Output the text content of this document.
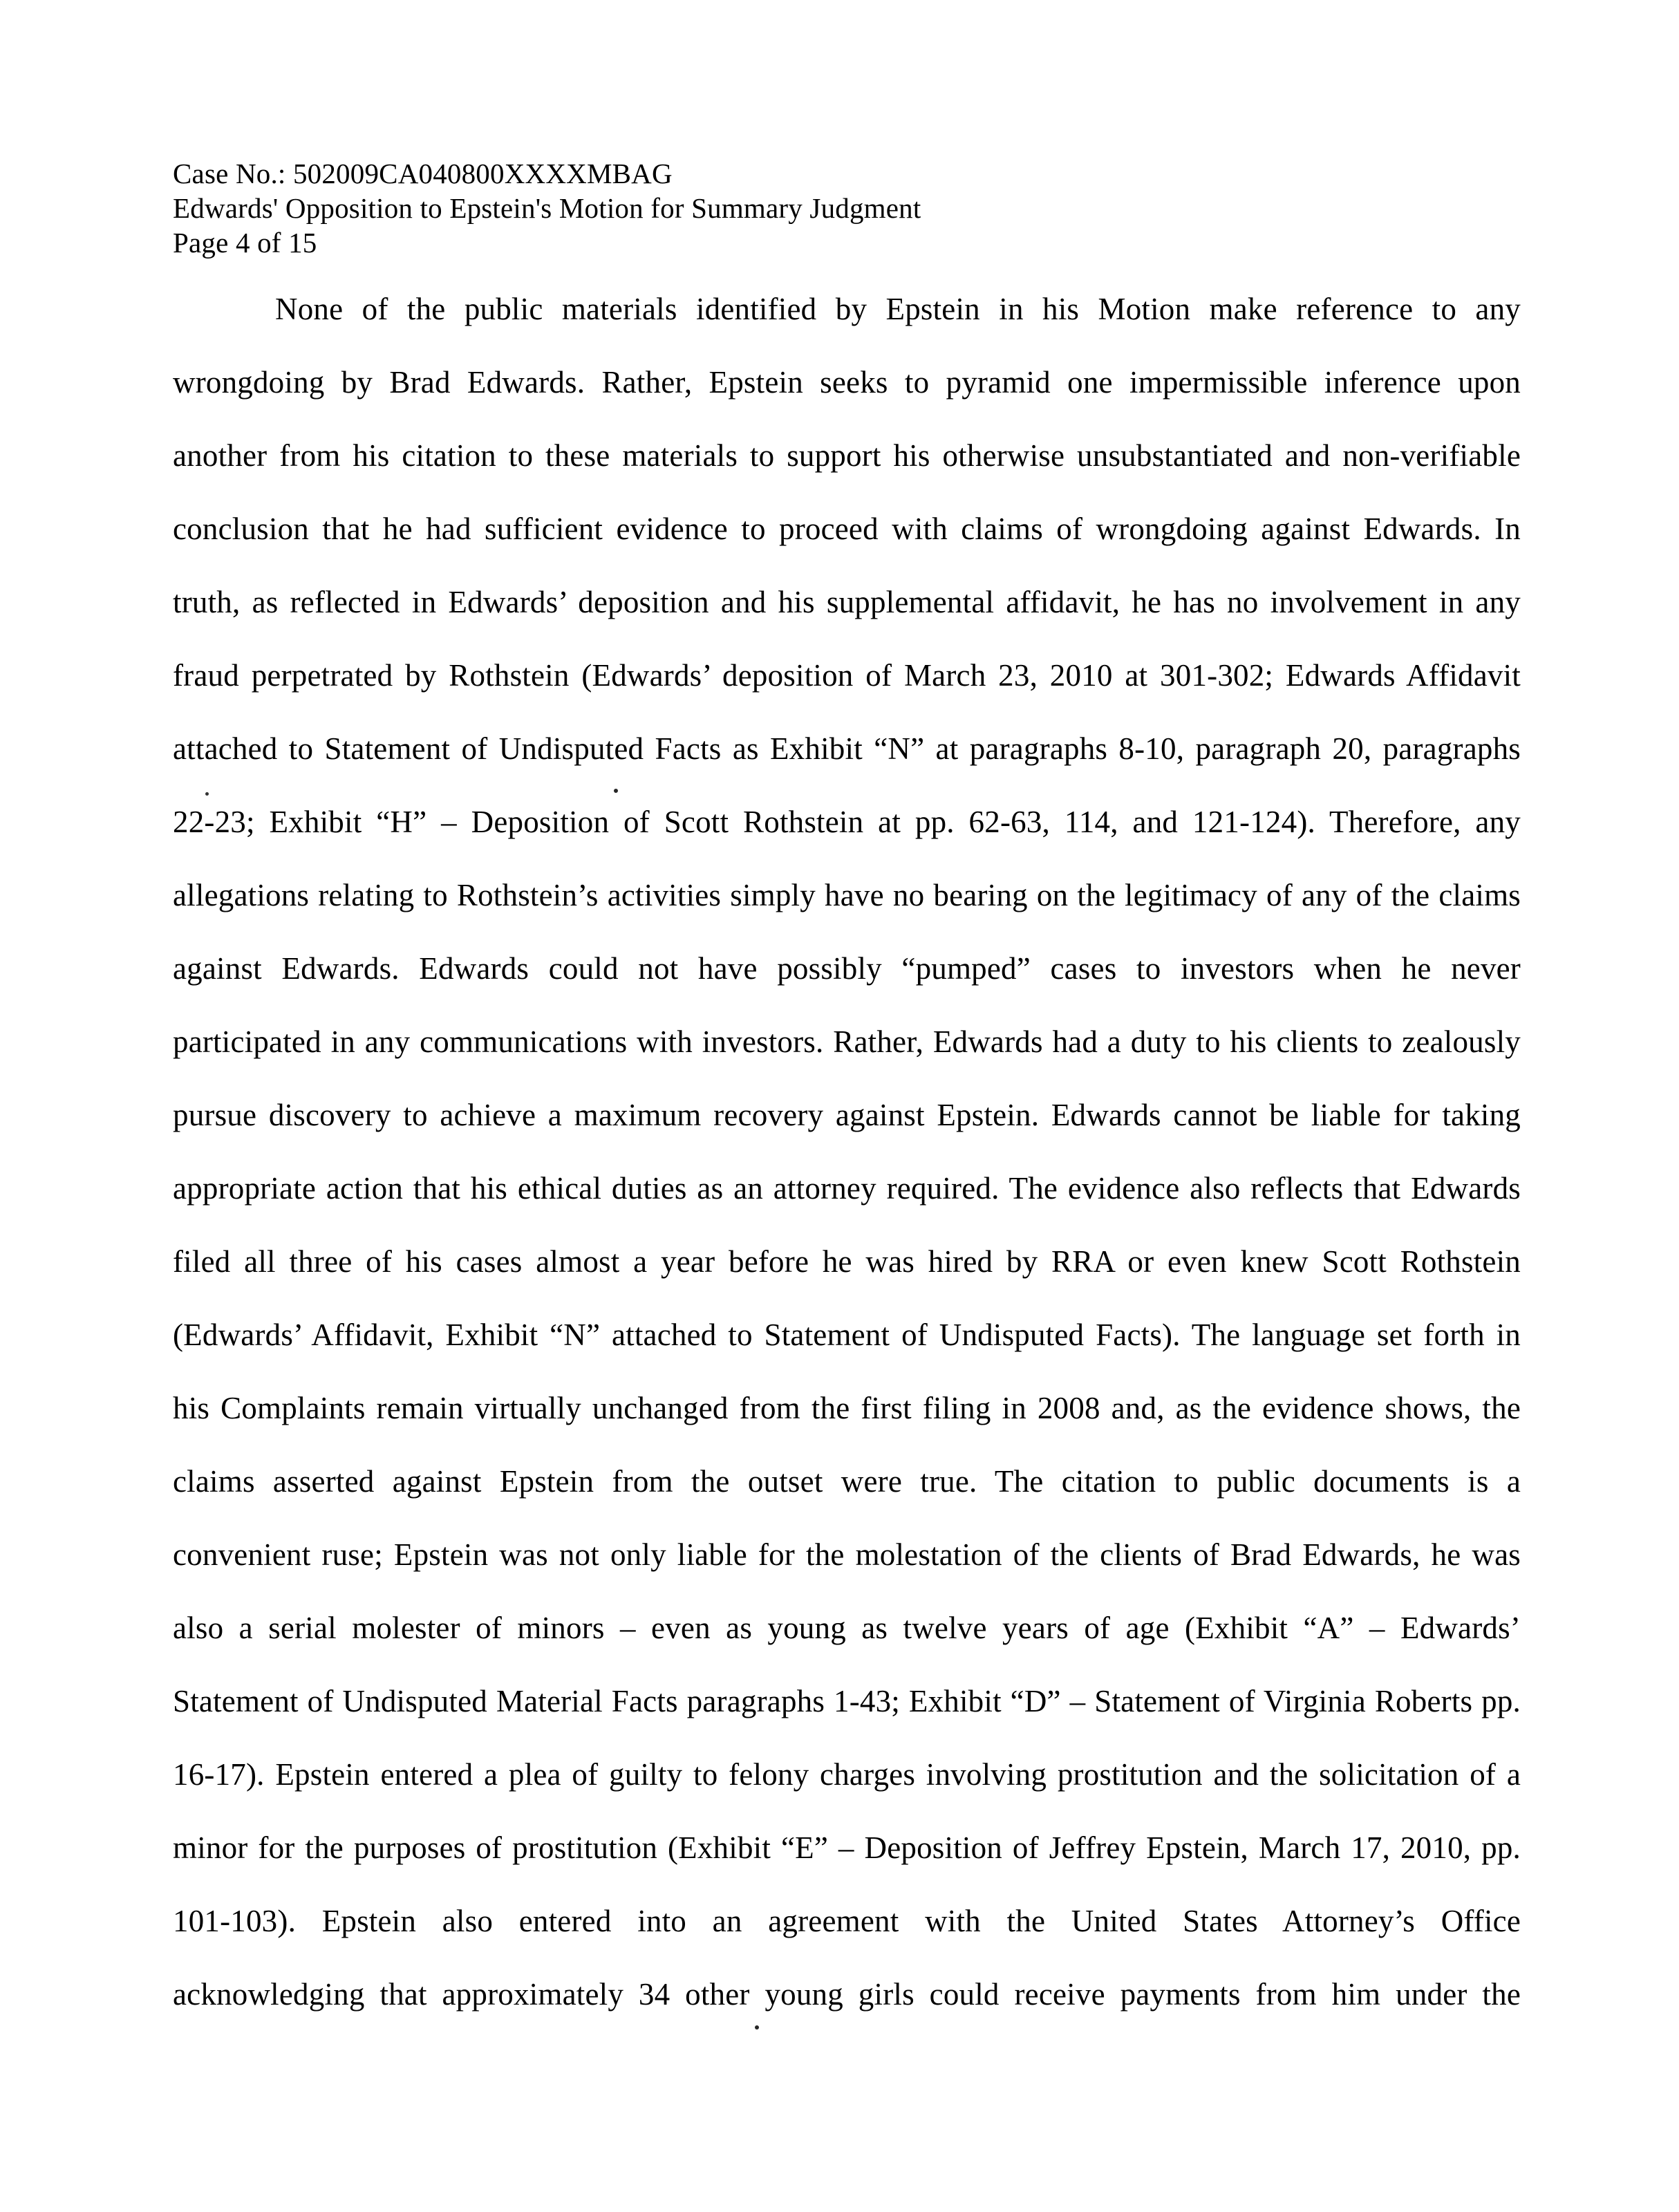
Case No.: 502009CA040800XXXXMBAG
Edwards' Opposition to Epstein's Motion for Summary Judgment
Page 4 of 15
None of the public materials identified by Epstein in his Motion make reference to any
wrongdoing by Brad Edwards. Rather, Epstein seeks to pyramid one impermissible inference upon
another from his citation to these materials to support his otherwise unsubstantiated and non-verifiable
conclusion that he had sufficient evidence to proceed with claims of wrongdoing against Edwards. In
truth, as reflected in Edwards’ deposition and his supplemental affidavit, he has no involvement in any
fraud perpetrated by Rothstein (Edwards’ deposition of March 23, 2010 at 301-302; Edwards Affidavit
attached to Statement of Undisputed Facts as Exhibit “N” at paragraphs 8-10, paragraph 20, paragraphs
22-23; Exhibit “H” – Deposition of Scott Rothstein at pp. 62-63, 114, and 121-124). Therefore, any
allegations relating to Rothstein’s activities simply have no bearing on the legitimacy of any of the claims
against Edwards. Edwards could not have possibly “pumped” cases to investors when he never
participated in any communications with investors. Rather, Edwards had a duty to his clients to zealously
pursue discovery to achieve a maximum recovery against Epstein. Edwards cannot be liable for taking
appropriate action that his ethical duties as an attorney required. The evidence also reflects that Edwards
filed all three of his cases almost a year before he was hired by RRA or even knew Scott Rothstein
(Edwards’ Affidavit, Exhibit “N” attached to Statement of Undisputed Facts). The language set forth in
his Complaints remain virtually unchanged from the first filing in 2008 and, as the evidence shows, the
claims asserted against Epstein from the outset were true. The citation to public documents is a
convenient ruse; Epstein was not only liable for the molestation of the clients of Brad Edwards, he was
also a serial molester of minors – even as young as twelve years of age (Exhibit “A” – Edwards’
Statement of Undisputed Material Facts paragraphs 1-43; Exhibit “D” – Statement of Virginia Roberts pp.
16-17). Epstein entered a plea of guilty to felony charges involving prostitution and the solicitation of a
minor for the purposes of prostitution (Exhibit “E” – Deposition of Jeffrey Epstein, March 17, 2010, pp.
101-103). Epstein also entered into an agreement with the United States Attorney’s Office
acknowledging that approximately 34 other young girls could receive payments from him under the
